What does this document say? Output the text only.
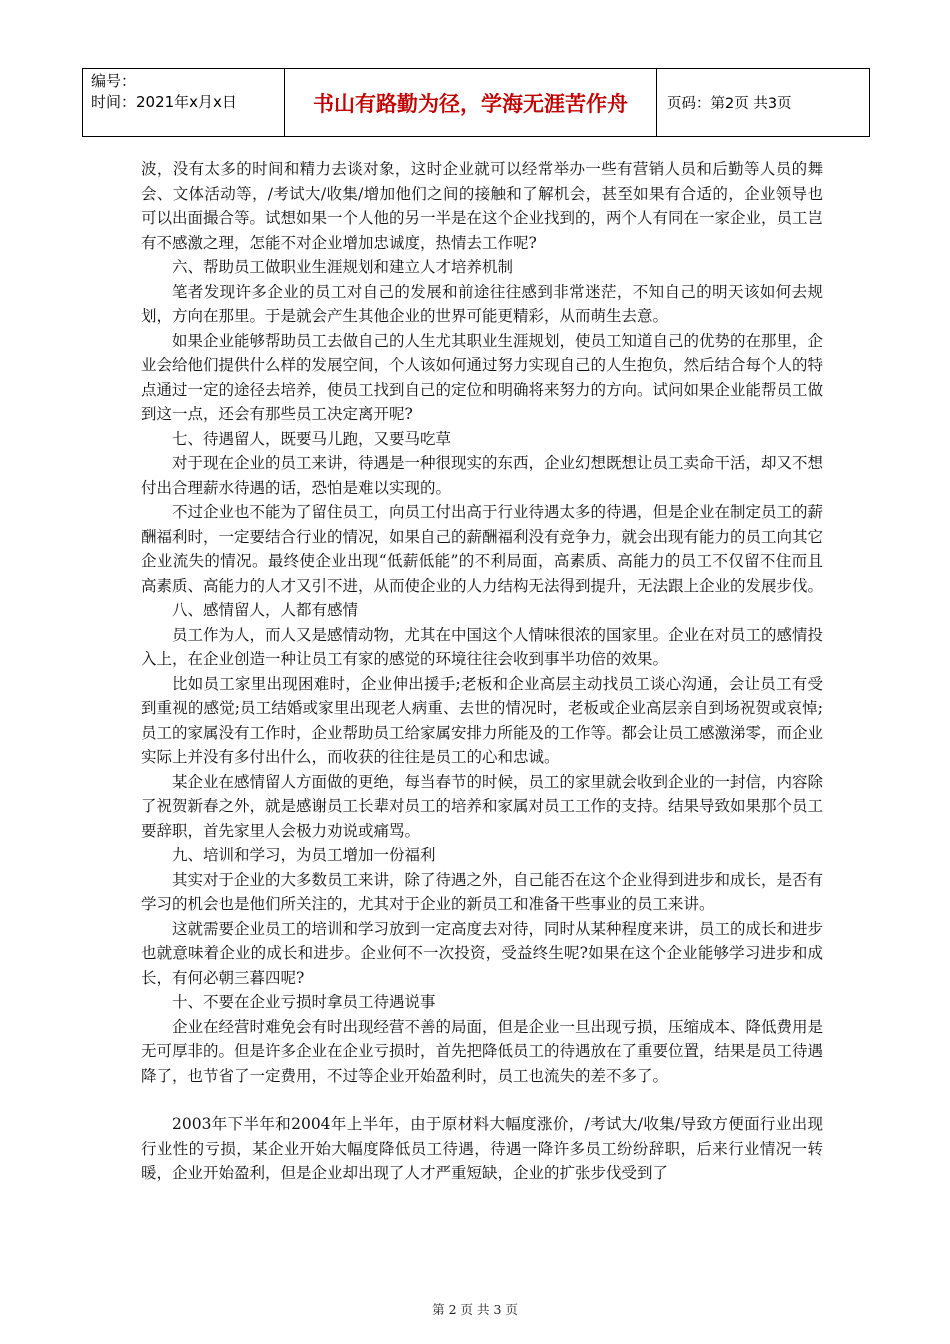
编号：
时间：2021年x月x日	书山有路勤为径，学海无涯苦作舟	页码：第2页 共3页

波，没有太多的时间和精力去谈对象，这时企业就可以经常举办一些有营销人员和后勤等人员的舞会、文体活动等，/考试大/收集/增加他们之间的接触和了解机会，甚至如果有合适的，企业领导也可以出面撮合等。试想如果一个人他的另一半是在这个企业找到的，两个人有同在一家企业，员工岂有不感激之理，怎能不对企业增加忠诚度，热情去工作呢?

六、帮助员工做职业生涯规划和建立人才培养机制

笔者发现许多企业的员工对自己的发展和前途往往感到非常迷茫，不知自己的明天该如何去规划，方向在那里。于是就会产生其他企业的世界可能更精彩，从而萌生去意。

如果企业能够帮助员工去做自己的人生尤其职业生涯规划，使员工知道自己的优势的在那里，企业会给他们提供什么样的发展空间，个人该如何通过努力实现自己的人生抱负，然后结合每个人的特点通过一定的途径去培养，使员工找到自己的定位和明确将来努力的方向。试问如果企业能帮员工做到这一点，还会有那些员工决定离开呢?

七、待遇留人，既要马儿跑，又要马吃草

对于现在企业的员工来讲，待遇是一种很现实的东西，企业幻想既想让员工卖命干活，却又不想付出合理薪水待遇的话，恐怕是难以实现的。

不过企业也不能为了留住员工，向员工付出高于行业待遇太多的待遇，但是企业在制定员工的薪酬福利时，一定要结合行业的情况，如果自己的薪酬福利没有竞争力，就会出现有能力的员工向其它企业流失的情况。最终使企业出现“低薪低能”的不利局面，高素质、高能力的员工不仅留不住而且高素质、高能力的人才又引不进，从而使企业的人力结构无法得到提升，无法跟上企业的发展步伐。

八、感情留人，人都有感情

员工作为人，而人又是感情动物，尤其在中国这个人情味很浓的国家里。企业在对员工的感情投入上，在企业创造一种让员工有家的感觉的环境往往会收到事半功倍的效果。

比如员工家里出现困难时，企业伸出援手;老板和企业高层主动找员工谈心沟通，会让员工有受到重视的感觉;员工结婚或家里出现老人病重、去世的情况时，老板或企业高层亲自到场祝贺或哀悼;员工的家属没有工作时，企业帮助员工给家属安排力所能及的工作等。都会让员工感激涕零，而企业实际上并没有多付出什么，而收获的往往是员工的心和忠诚。

某企业在感情留人方面做的更绝，每当春节的时候，员工的家里就会收到企业的一封信，内容除了祝贺新春之外，就是感谢员工长辈对员工的培养和家属对员工工作的支持。结果导致如果那个员工要辞职，首先家里人会极力劝说或痛骂。

九、培训和学习，为员工增加一份福利

其实对于企业的大多数员工来讲，除了待遇之外，自己能否在这个企业得到进步和成长，是否有学习的机会也是他们所关注的，尤其对于企业的新员工和准备干些事业的员工来讲。

这就需要企业员工的培训和学习放到一定高度去对待，同时从某种程度来讲，员工的成长和进步也就意味着企业的成长和进步。企业何不一次投资，受益终生呢?如果在这个企业能够学习进步和成长，有何必朝三暮四呢?

十、不要在企业亏损时拿员工待遇说事

企业在经营时难免会有时出现经营不善的局面，但是企业一旦出现亏损，压缩成本、降低费用是无可厚非的。但是许多企业在企业亏损时，首先把降低员工的待遇放在了重要位置，结果是员工待遇降了，也节省了一定费用，不过等企业开始盈利时，员工也流失的差不多了。

2003年下半年和2004年上半年，由于原材料大幅度涨价，/考试大/收集/导致方便面行业出现行业性的亏损，某企业开始大幅度降低员工待遇，待遇一降许多员工纷纷辞职，后来行业情况一转暖，企业开始盈利，但是企业却出现了人才严重短缺，企业的扩张步伐受到了

第 2 页 共 3 页
